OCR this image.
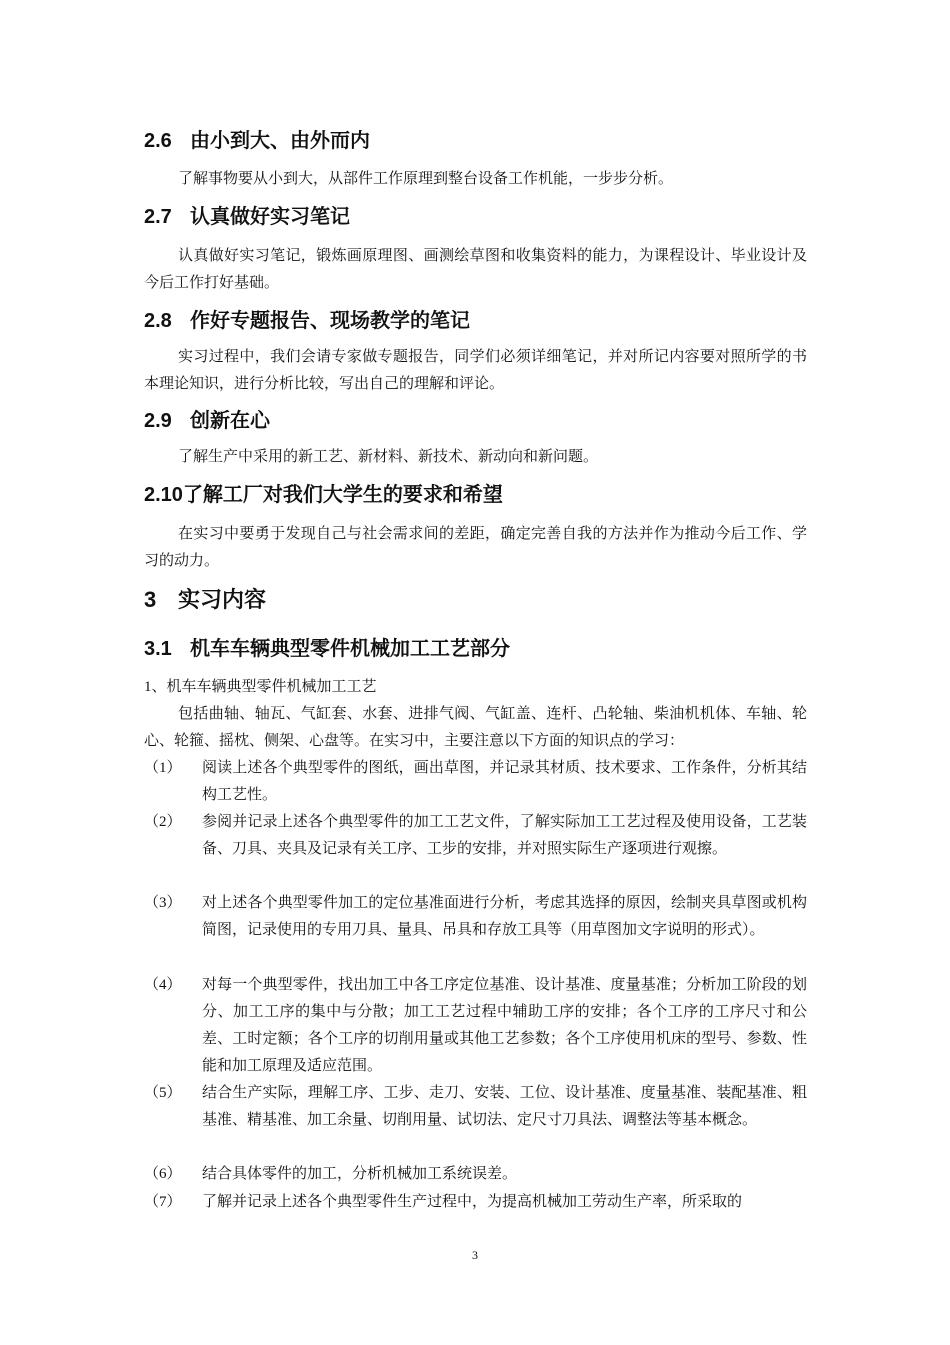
2.6 由小到大、由外而内
了解事物要从小到大，从部件工作原理到整台设备工作机能，一步步分析。
2.7 认真做好实习笔记
认真做好实习笔记，锻炼画原理图、画测绘草图和收集资料的能力，为课程设计、毕业设计及今后工作打好基础。
2.8 作好专题报告、现场教学的笔记
实习过程中，我们会请专家做专题报告，同学们必须详细笔记，并对所记内容要对照所学的书本理论知识，进行分析比较，写出自己的理解和评论。
2.9 创新在心
了解生产中采用的新工艺、新材料、新技术、新动向和新问题。
2.10了解工厂对我们大学生的要求和希望
在实习中要勇于发现自己与社会需求间的差距，确定完善自我的方法并作为推动今后工作、学习的动力。
3 实习内容
3.1 机车车辆典型零件机械加工工艺部分
1、机车车辆典型零件机械加工工艺
包括曲轴、轴瓦、气缸套、水套、进排气阀、气缸盖、连杆、凸轮轴、柴油机机体、车轴、轮心、轮箍、摇枕、侧架、心盘等。在实习中，主要注意以下方面的知识点的学习：
（1）	阅读上述各个典型零件的图纸，画出草图，并记录其材质、技术要求、工作条件，分析其结构工艺性。
（2）	参阅并记录上述各个典型零件的加工工艺文件，了解实际加工工艺过程及使用设备，工艺装备、刀具、夹具及记录有关工序、工步的安排，并对照实际生产逐项进行观擦。
（3）	对上述各个典型零件加工的定位基准面进行分析，考虑其选择的原因，绘制夹具草图或机构简图，记录使用的专用刀具、量具、吊具和存放工具等（用草图加文字说明的形式）。
（4）	对每一个典型零件，找出加工中各工序定位基准、设计基准、度量基准；分析加工阶段的划分、加工工序的集中与分散；加工工艺过程中辅助工序的安排；各个工序的工序尺寸和公差、工时定额；各个工序的切削用量或其他工艺参数；各个工序使用机床的型号、参数、性能和加工原理及适应范围。
（5）	结合生产实际，理解工序、工步、走刀、安装、工位、设计基准、度量基准、装配基准、粗基准、精基准、加工余量、切削用量、试切法、定尺寸刀具法、调整法等基本概念。
（6）	结合具体零件的加工，分析机械加工系统误差。
（7）	了解并记录上述各个典型零件生产过程中，为提高机械加工劳动生产率，所采取的
3
